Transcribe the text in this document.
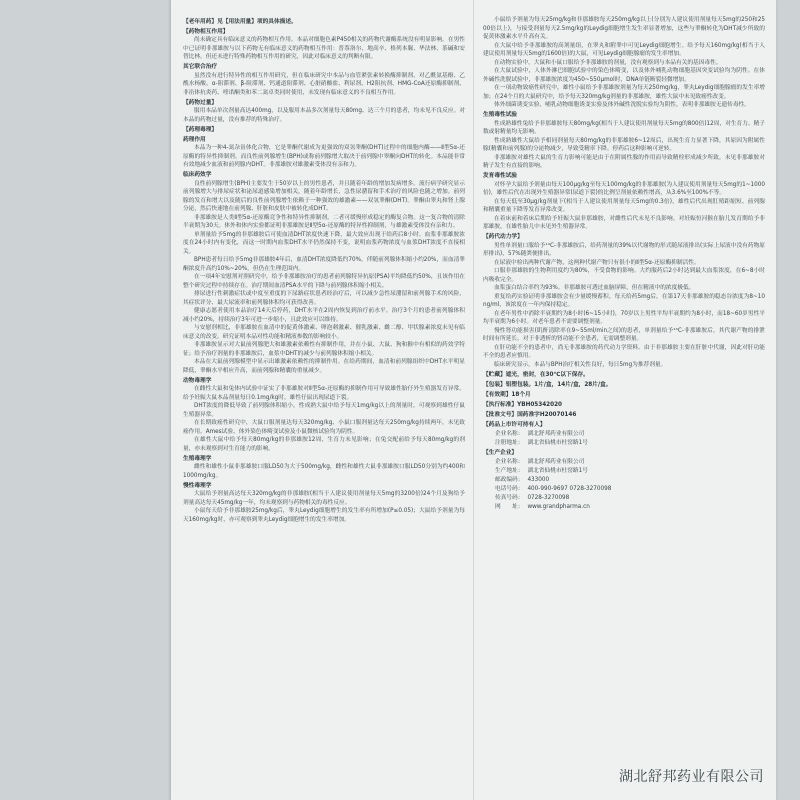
【老年用药】见【用法用量】项的具体描述。
【药物相互作用】

尚未确定具有临床意义的药物相互作用。本品对细胞色素P450相关的药物代谢酶系统没有明显影响。在男性中已证明非那雄胺与以下药物无有临床意义的药物相互作用：普萘洛尔、地高辛、格列本脲、华法林、茶碱和安替比林。但还未进行特殊药物相互作用的研究，因此对临床意义的判断有限。

其它联合治疗

虽然没有进行特异性的相互作用研究，但在临床研究中本品与血管紧张素转换酶抑制剂、对乙酰氨基酚、乙酰水杨酸、α-阻滞剂、β-阻滞剂、钙通道阻滞剂、心脏硝酸盐、利尿剂、H2阻抗剂、HMG-CoA还原酶抑制剂、非甾体抗炎药、喹诺酮类和苯二氮卓类同时使用，未发现有临床意义的不良相互作用。

【药物过量】

服用本品单次剂量高达400mg，以及服用本品多次剂量每天80mg、达三个月的患者，均未见不良反应。对本品的药物过量，没有推荐的特殊治疗。

【药理毒理】
药理作用

本品为一种4-氮杂甾体化合物，它是睾酮代谢成为更强效的双氢睾酮(DHT)过程中的细胞内酶——Ⅱ型5α-还原酶的特异性抑制剂。而良性前列腺增生(BPH)或称前列腺增大取决于前列腺中睾酮向DHT的转化。本品能非常有效地减少血液和前列腺内DHT。非那雄胺对雄激素受体没有亲和力。

临床药效学

良性前列腺增生(BPH)主要发生于50岁以上的男性患者，并且随着年龄的增加发病增多。流行病学研究显示前列腺增大与排尿症状和泌尿道感染增加相关，随着年龄增长，急性尿潴留和手术治疗的风险也随之增加。前列腺的发育和增大以及随后的良性前列腺增生依赖于一种强效的雄激素——双氢睾酮(DHT)。睾酮由睾丸和肾上腺分泌，然后快速地在前列腺、肝脏和皮肤中被转化成DHT。

非那雄胺是人类Ⅱ型5α-还原酶竞争性和特异性抑制剂，二者可缓慢形成稳定的酶复合物。这一复合物的清除半衰期为30天。体外和体内实验都证明非那雄胺是Ⅱ型5α-还原酶的特异性抑制剂，与雄激素受体没有亲和力。

单剂量给予5mg的非那雄胺后可使血清DHT浓度快速下降，最大效应出现于给药后8小时。血浆非那雄胺浓度在24小时内有变化，而这一时期内血浆DHT水平仍然保持不变，说明血浆药物浓度与血浆DHT浓度不直接相关。

BPH患者每日给予5mg非那雄胺4年后，血清DHT浓度降低约70%，伴随前列腺体积缩小约20%，而血清睾酮浓度升高约10%~20%，但仍在生理范围内。

在一项4年安慰剂对照研究中，给予非那雄胺治疗的患者前列腺特异抗原(PSA)平均降低约50%，且该作用在整个研究过程中持续存在。治疗期间血清PSA水平的下降与前列腺体积缩小相关。

排尿进行性刺激症状或中度至重度的下尿路症状患者经治疗后，可以减少急性尿潴留和前列腺手术的风险，其症状评分、最大尿流率和前列腺体积均可获得改善。

健康志愿者使用本品治疗14天后停药，DHT水平在2周内恢复到治疗前水平。治疗3个月的患者前列腺体积减小约20%，持续治疗3年可进一步缩小，且此效应可以维持。

与安慰剂相比，非那雄胺在血清中的促黄体激素、卵泡刺激素、催乳激素、雌二醇、甲状腺素浓度未见有临床意义的改变。研究证明本品对性功能和精液参数的影响较小。

非那雄胺显示对大鼠前列腺肥大和雄激素依赖性有抑制作用，并在小鼠、大鼠、狗和猴中有相似的药效学特征；给予治疗剂量的非那雄胺后，血浆中DHT的减少与前列腺体积缩小相关。

本品在大鼠前列腺模型中显示出雄激素依赖性的抑制作用。在给药期间，血清和前列腺组织中DHT水平明显降低，睾酮水平相应升高，而前列腺和精囊的重量减少。

动物毒理学

在雌性大鼠和兔体内试验中证实了非那雄胺对Ⅱ型5α-还原酶的抑制作用可导致雄性胎仔外生殖器发育异常。给予妊娠大鼠本品剂量每日0.1mg/kg时，雄性仔鼠出现尿道下裂。

DHT浓度的降低导致了前列腺体积缩小，性成熟大鼠中给予每天1mg/kg以上的剂量时，可观察到雄性仔鼠生殖器异常。

在长期致癌性研究中，大鼠口服剂量达每天320mg/kg、小鼠口服剂量达每天250mg/kg持续两年，未见致癌作用。Ames试验、体外染色体畸变试验及小鼠微核试验均为阴性。

在雄性大鼠中给予每天80mg/kg的非那雄胺12周，生育力未见影响；在兔交配前给予每天80mg/kg的剂量，亦未观察到对生育能力的影响。

生殖毒理学

雌性和雄性小鼠非那雄胺口服LD50为大于500mg/kg，雌性和雄性大鼠非那雄胺口服LD50分别为约400和1000mg/kg。

慢性毒理学

大鼠给予剂量高达每天320mg/kg的非那雄胺(相当于人建议使用剂量每天5mg的3200倍)24个月及狗给予剂量高达每天45mg/kg一年，均未观察到与药物相关的毒性反应。

小鼠每天给予非那雄胺25mg/kg后，睾丸Leydig细胞增生的发生率有所增加(P≤0.05)；大鼠给予剂量为每天160mg/kg时，亦可观察到睾丸Leydig细胞增生的发生率增加。

小鼠给予剂量为每天25mg/kg和非那雄胺每天250mg/kg以上(分别为人建议使用剂量每天5mg的250和2500倍以上)，与接受剂量每天2.5mg/kg的Leydig细胞增生发生率显著增加，这些与睾酮转化为DHT减少所致的促黄体激素水平升高有关。

在大鼠中给予非那雄胺的高剂量组，在睾丸和附睾中可见Leydig细胞增生。给予每天160mg/kg(相当于人建议使用剂量每天5mg的1600倍)的大鼠，可见Leydig细胞腺瘤的发生率增加。

在动物实验中，大鼠和小鼠口服给予非那雄胺的剂量，没有观察到与本品有关的基因毒性。

在大鼠试验中，人体外淋巴细胞试验中的染色体畸变，以及体外哺乳动物细胞基因突变试验均为阴性。在体外碱性洗脱试验中，非那雄胺浓度为450~550μmol时，DNA单链断裂轻微增加。

在一项动物致癌性研究中，雄性小鼠给予非那雄胺剂量为每天250mg/kg，睾丸Leydig细胞腺瘤的发生率增加；在24个月的大鼠研究中，给予每天320mg/kg剂量的非那雄胺，雄性大鼠中未见致癌性改变。

体外细菌诱变实验、哺乳动物细胞诱变实验及体外碱性洗脱实验均为阴性，表明非那雄胺无遗传毒性。

生殖毒性试验

性成熟雄性兔给予非那雄胺每天80mg/kg(相当于人建议使用剂量每天5mg的800倍)12周，对生育力、精子数或射精量均无影响。

性成熟雄性大鼠给予相同剂量每天80mg/kg的非那雄胺6~12周后，出现生育力显著下降，其原因为附属性腺(精囊和前列腺)的分泌物减少，导致受精率下降。停药后这种影响可逆转。

非那雄胺对雄性大鼠的生育力影响可能是由于在附属性腺的作用而导致精栓形成减少所致。未见非那雄胺对精子发生有直接的影响。

发育毒性试验

对怀孕大鼠给予剂量由每天100μg/kg至每天100mg/kg的非那雄胺(为人建议使用剂量每天5mg的1~1000倍)，雄性后代在出现外生殖器异常(尿道下裂)的比例呈剂量依赖性增高，从3.6%至100%不等。

在每天低至30μg/kg剂量下(相当于人建议使用剂量每天5mg的0.3倍)，雄性后代出现肛殖距缩短、前列腺和精囊重量下降等发育异常改变。

在着床前和着床后期给予妊娠大鼠非那雄胺，对雌性后代未见不良影响。对妊娠恒河猴在胎儿发育期给予非那雄胺，在雄性胎儿中未见外生殖器异常。

【药代动力学】

男性单剂量口服给予¹⁴C-非那雄胺后，给药剂量的39%以代谢物的形式随尿液排出(实际上尿液中没有药物原形排出)，57%随粪便排出。

在尿液中检出两种代谢产物，这两种代谢产物只有很小的Ⅱ型5α-还原酶抑制活性。

口服非那雄胺的生物利用度约为80%，不受食物的影响。大约服药后2小时达到最大血浆浓度，在6~8小时内吸收完全。

血浆蛋白结合率约为93%。非那雄胺可透过血脑屏障，但在精液中的浓度极低。

重复给药实验证明非那雄胺会有少量缓慢蓄积。每天给药5mg后，在第17天非那雄胺的稳态谷浓度为8~10ng/ml，该浓度在一年内保持稳定。

在老年男性中消除半衰期约为8小时(6~15小时)，70岁以上男性平均半衰期约为8小时，而18~60岁男性平均半衰期为6小时。对老年患者不需要调整剂量。

慢性肾功能损害(肌酐清除率在9~55ml/min之间)的患者，单剂量给予¹⁴C-非那雄胺后，其代谢产物的排泄时间有所延长。对于非透析的肾功能不全患者，无需调整剂量。

在肝功能不全的患者中，尚无非那雄胺的药代动力学资料。由于非那雄胺主要在肝脏中代谢，因此对肝功能不全的患者应慎用。

临床研究显示，本品与BPH治疗相关性良好，每日5mg为推荐剂量。

【贮藏】遮光，密封，在30℃以下保存。
【包装】铝塑包装。1片/盒，14片/盒，28片/盒。
【有效期】18个月
【执行标准】YBH05342020
【批准文号】国药准字H20070146
【药品上市许可持有人】
企业名称： 湖北舒邦药业有限公司
注册地址： 湖北省仙桃市杜窑路1号
【生产企业】
企业名称： 湖北舒邦药业有限公司
生产地址： 湖北省仙桃市杜窑路1号
邮政编码： 433000
电话号码： 400-990-9697 0728-3270098
传真号码： 0728-3270098
网　　址： www.grandpharma.cn
湖北舒邦药业有限公司
